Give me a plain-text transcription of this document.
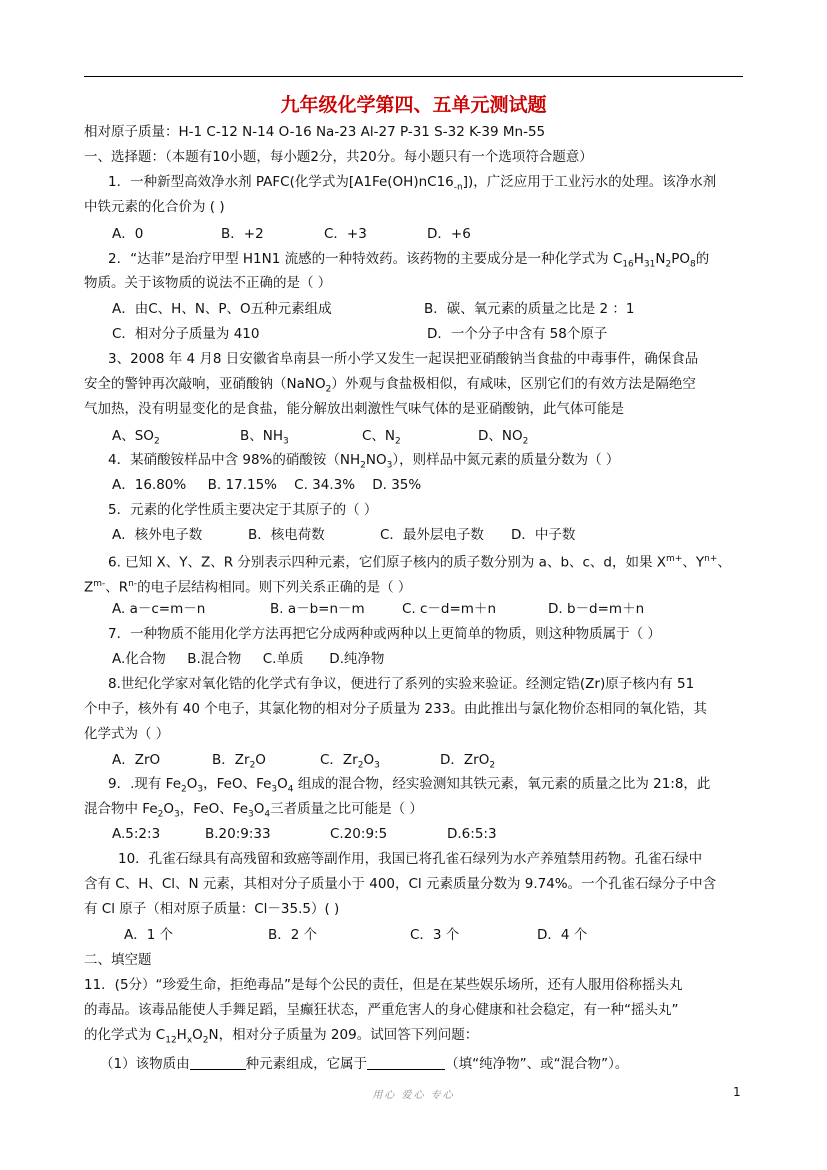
九年级化学第四、五单元测试题
相对原子质量：H-1 C-12 N-14 O-16 Na-23 Al-27 P-31 S-32 K-39 Mn-55
一、选择题：（本题有10小题，每小题2分，共20分。每小题只有一个选项符合题意）
1．一种新型高效净水剂 PAFC(化学式为$[A1Fe(OH)nC16_{-n}]$)，广泛应用于工业污水的处理。该净水剂
中铁元素的化合价为 ( )
A．0	B．+2	C．+3	D．+6
2．“达菲”是治疗甲型 H1N1 流感的一种特效药。该药物的主要成分是一种化学式为 $C_{16}H_{31}N_2PO_8$的
物质。关于该物质的说法不正确的是（ ）
A．由C、H、N、P、O五种元素组成	B．碳、氧元素的质量之比是 2 ：1
C．相对分子质量为 410	D．一个分子中含有 58个原子
3、2008 年 4 月8 日安徽省阜南县一所小学又发生一起误把亚硝酸钠当食盐的中毒事件，确保食品
安全的警钟再次敲响，亚硝酸钠（NaNO$_2$）外观与食盐极相似，有咸味，区别它们的有效方法是隔绝空
气加热，没有明显变化的是食盐，能分解放出刺激性气味气体的是亚硝酸钠，此气体可能是
A、$SO_2$	B、$NH_3$	C、$N_2$	D、$NO_2$
4．某硝酸铵样品中含 98%的硝酸铵$(NH_2NO_3)$，则样品中氮元素的质量分数为（ ）
A．16.80%     B. 17.15%    C. 34.3%    D. 35%
5．元素的化学性质主要决定于其原子的（ ）
A．核外电子数	B．核电荷数	C．最外层电子数 D．中子数
6. 已知 X、Y、Z、R 分别表示四种元素，它们原子核内的质子数分别为 a、b、c、d，如果 $X^{m+}$、$Y^{n+}$、
$Z^{m-}$、$R^{n-}$的电子层结构相同。则下列关系正确的是（ ）
A. a－c=m－n	B. a－b=n－m	C. c－d=m＋n	D. b－d=m＋n
7．一种物质不能用化学方法再把它分成两种或两种以上更简单的物质，则这种物质属于（ ）
A.化合物     B.混合物     C.单质      D.纯净物
8.世纪化学家对氧化锆的化学式有争议，便进行了系列的实验来验证。经测定锆(Zr)原子核内有 51
个中子，核外有 40 个电子，其氯化物的相对分子质量为 233。由此推出与氯化物价态相同的氧化锆，其
化学式为（ ）
A．ZrO	B．$Zr_2O$	C．$Zr_2O_3$	D．ZrO$_2$
9．.现有 $Fe_2O_3$，FeO、$Fe_3O_4$ 组成的混合物，经实验测知其铁元素，氧元素的质量之比为 21:8，此
混合物中 $Fe_2O_3$，FeO、$Fe_3O_4$三者质量之比可能是（ ）
A.5:2:3	B.20:9:33	C.20:9:5	D.6:5:3
10．孔雀石绿具有高残留和致癌等副作用，我国已将孔雀石绿列为水产养殖禁用药物。孔雀石绿中
含有 C、H、Cl、N 元素，其相对分子质量小于 400，Cl 元素质量分数为 9.74%。一个孔雀石绿分子中含
有 Cl 原子（相对原子质量：Cl－35.5）( )
A．1 个	B．2 个	C．3 个	D．4 个
二、填空题
11．(5分）“珍爱生命，拒绝毒品”是每个公民的责任，但是在某些娱乐场所，还有人服用俗称摇头丸
的毒品。该毒品能使人手舞足蹈，呈癫狂状态，严重危害人的身心健康和社会稳定，有一种“摇头丸”
的化学式为 $C_{12}H_xO_2N$，相对分子质量为 209。试回答下列问题：
（1）该物质由	种元素组成，它属于	（填“纯净物”、或“混合物”）。
用心 爱心 专心	1
